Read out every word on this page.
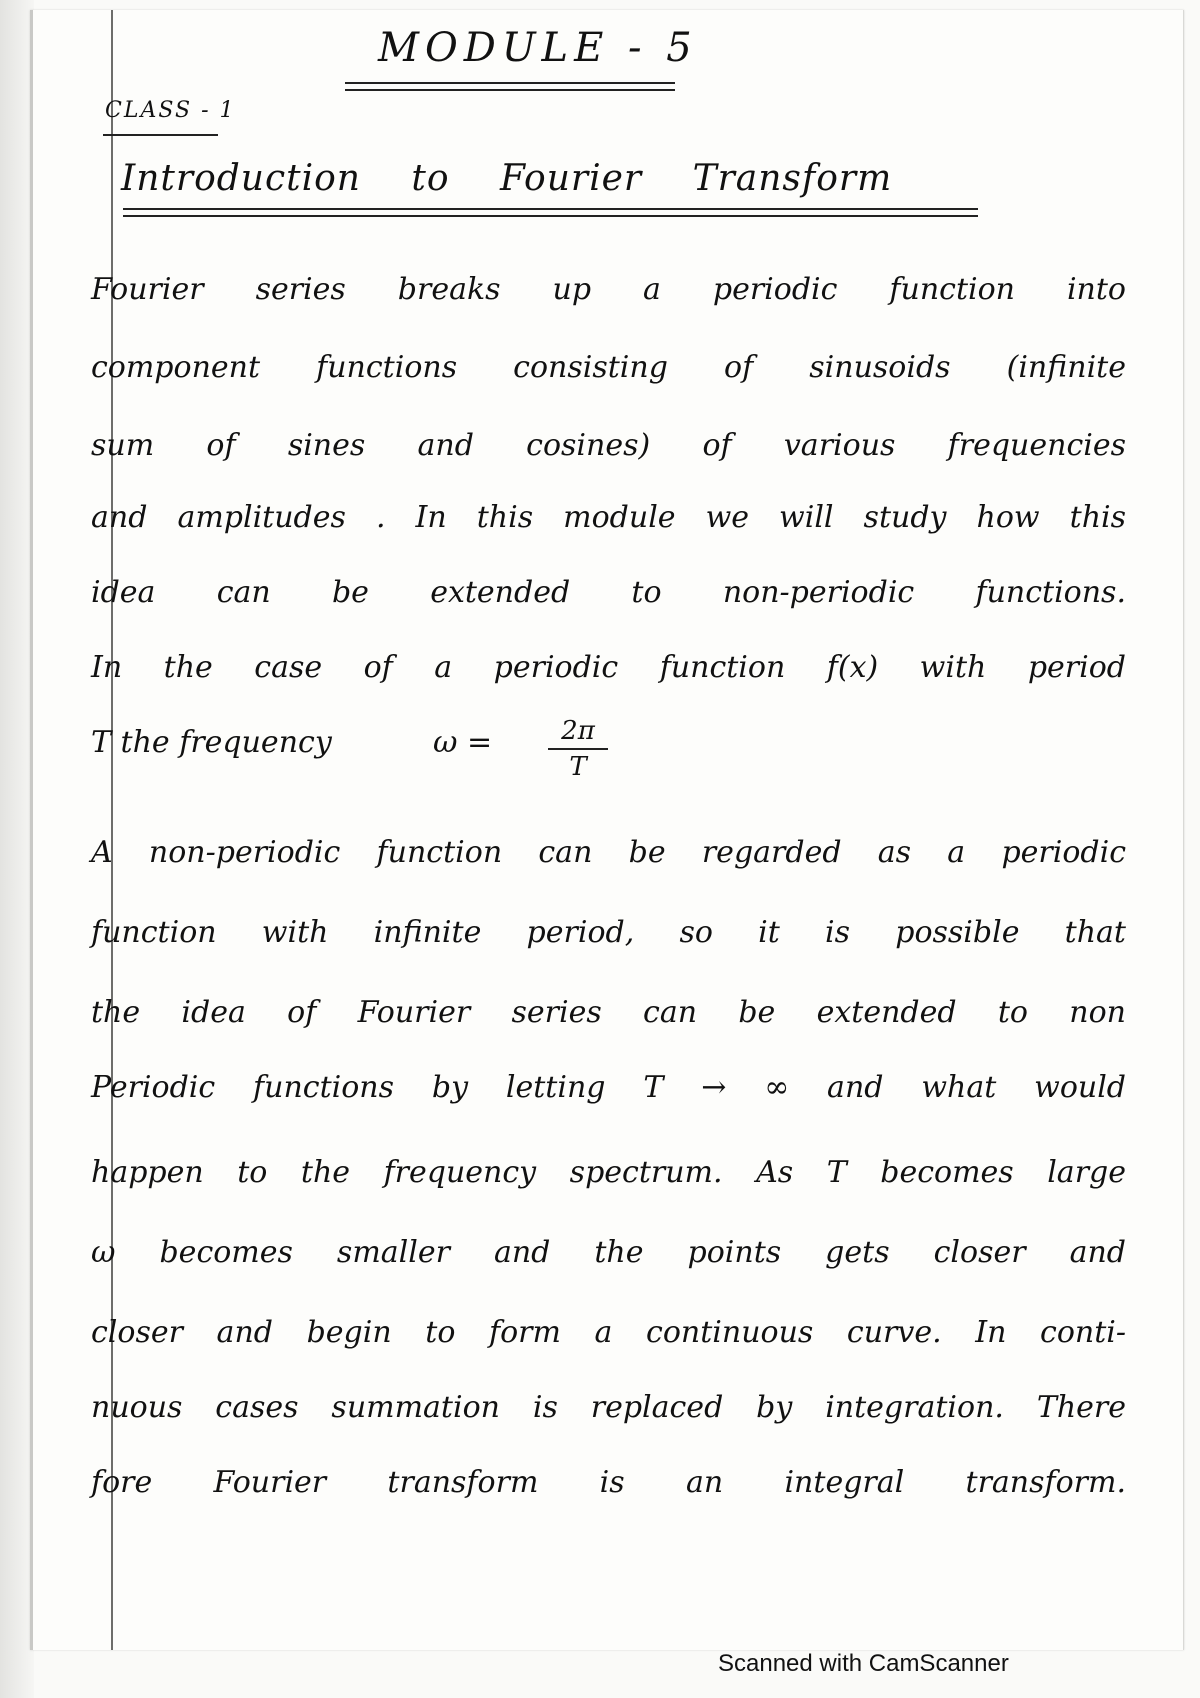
MODULE - 5
CLASS - 1
Introduction to Fourier Transform
Fourier series breaks up a periodic function into
component functions consisting of sinusoids (infinite
sum of sines and cosines) of various frequencies
and amplitudes . In this module we will study how this
idea can be extended to non-periodic functions.
In the case of a periodic function f(x) with period
T the frequency	$\omega = \frac{2\pi}{T}$
A non-periodic function can be regarded as a periodic
function with infinite period, so it is possible that
the idea of Fourier series can be extended to non
Periodic functions by letting T → ∞ and what would
happen to the frequency spectrum. As T becomes large
ω becomes smaller and the points gets closer and
closer and begin to form a continuous curve. In conti-
nuous cases summation is replaced by integration. There
fore Fourier transform is an integral transform.
Scanned with CamScanner
